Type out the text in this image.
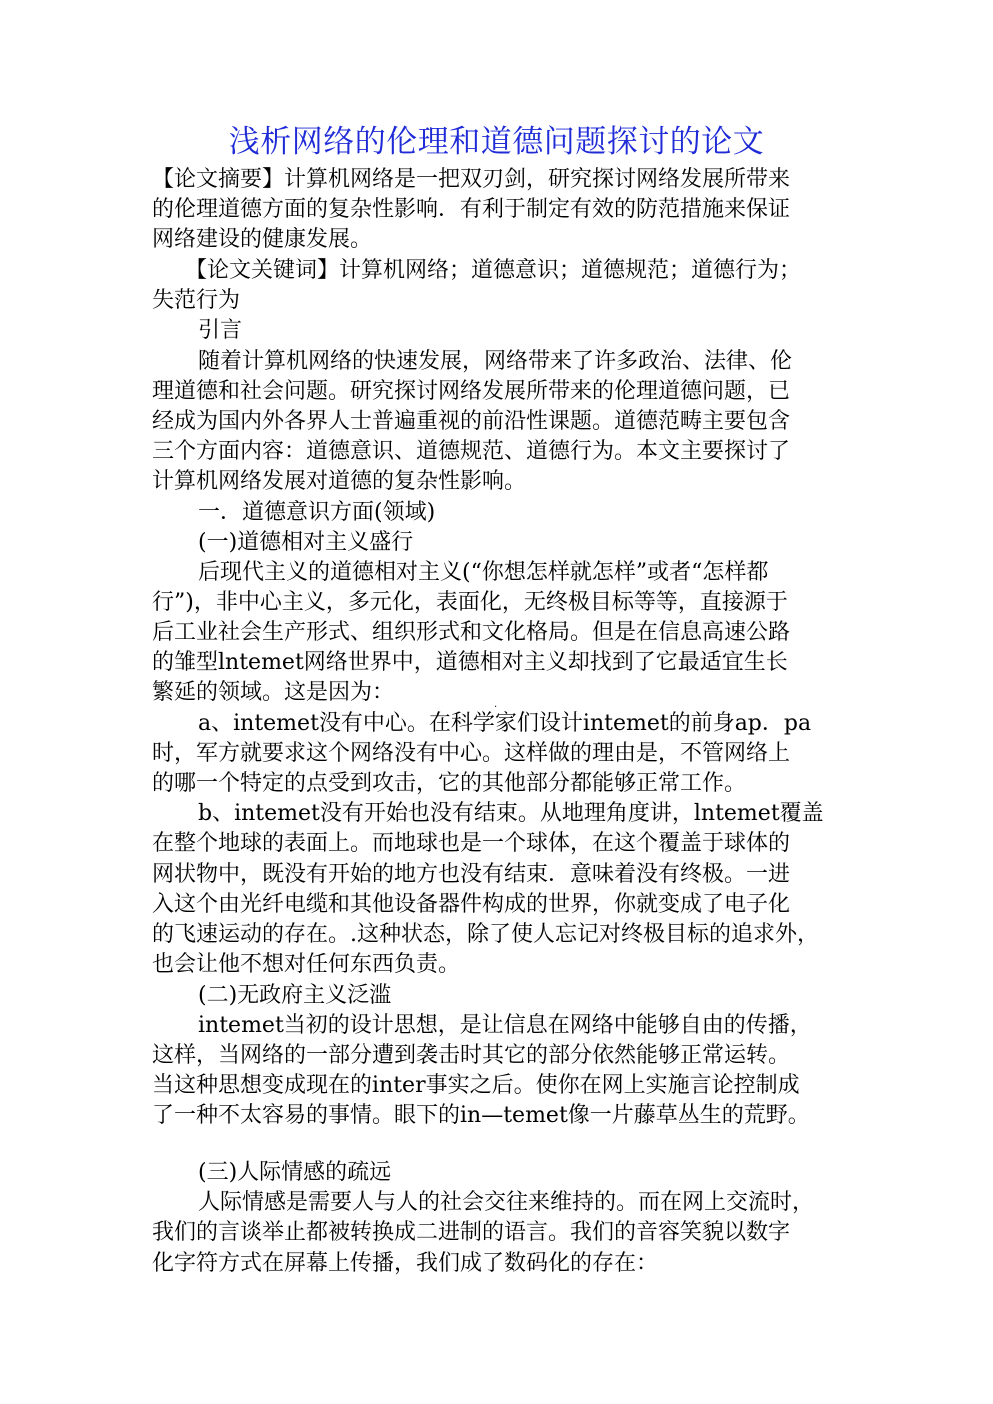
浅析网络的伦理和道德问题探讨的论文
【论文摘要】计算机网络是一把双刃剑，研究探讨网络发展所带来
的伦理道德方面的复杂性影响．有利于制定有效的防范措施来保证
网络建设的健康发展。
【论文关键词】计算机网络；道德意识；道德规范；道德行为；
失范行为
引言
随着计算机网络的快速发展，网络带来了许多政治、法律、伦
理道德和社会问题。研究探讨网络发展所带来的伦理道德问题，已
经成为国内外各界人士普遍重视的前沿性课题。道德范畴主要包含
三个方面内容：道德意识、道德规范、道德行为。本文主要探讨了
计算机网络发展对道德的复杂性影响。
一．道德意识方面(领域)
(一)道德相对主义盛行
后现代主义的道德相对主义(“你想怎样就怎样”或者“怎样都
行”)，非中心主义，多元化，表面化，无终极目标等等，直接源于
后工业社会生产形式、组织形式和文化格局。但是在信息高速公路
的雏型lntemet网络世界中，道德相对主义却找到了它最适宜生长
繁延的领域。这是因为：	.
a、intemet没有中心。在科学家们设计intemet的前身ap．pa
时，军方就要求这个网络没有中心。这样做的理由是，不管网络上
的哪一个特定的点受到攻击，它的其他部分都能够正常工作。
b、intemet没有开始也没有结束。从地理角度讲，lntemet覆盖
在整个地球的表面上。而地球也是一个球体，在这个覆盖于球体的
网状物中，既没有开始的地方也没有结束．意味着没有终极。一进
入这个由光纤电缆和其他设备器件构成的世界，你就变成了电子化
的飞速运动的存在。.这种状态，除了使人忘记对终极目标的追求外，
也会让他不想对任何东西负责。
(二)无政府主义泛滥
intemet当初的设计思想，是让信息在网络中能够自由的传播，
这样，当网络的一部分遭到袭击时其它的部分依然能够正常运转。
当这种思想变成现在的inter事实之后。使你在网上实施言论控制成
了一种不太容易的事情。眼下的in—temet像一片藤草丛生的荒野。
(三)人际情感的疏远
人际情感是需要人与人的社会交往来维持的。而在网上交流时，
我们的言谈举止都被转换成二进制的语言。我们的音容笑貌以数字
化字符方式在屏幕上传播，我们成了数码化的存在：
